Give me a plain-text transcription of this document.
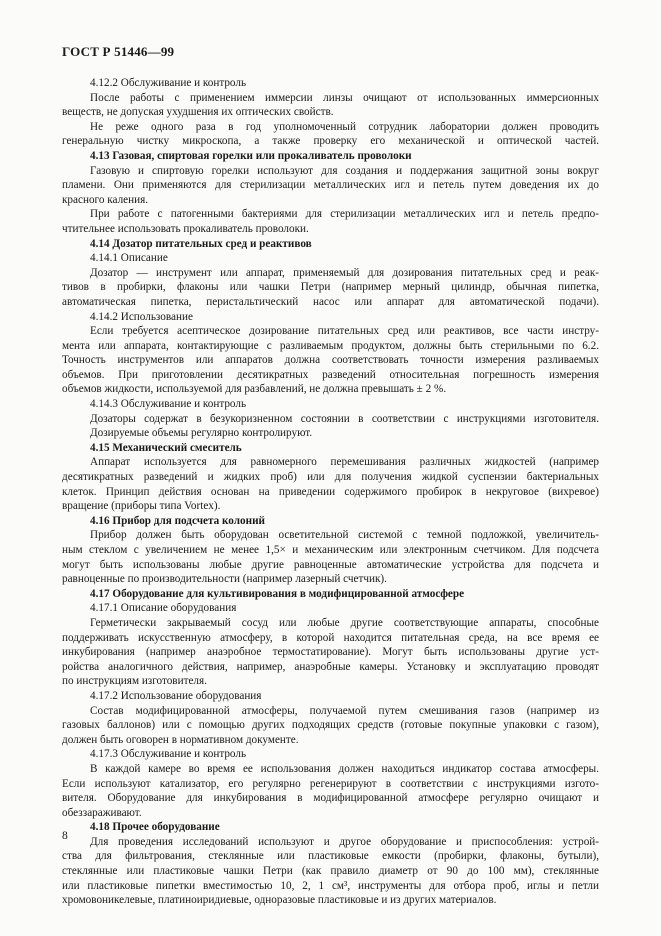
ГОСТ Р 51446—99
4.12.2 Обслуживание и контроль
После работы с применением иммерсии линзы очищают от использованных иммерсионных
веществ, не допуская ухудшения их оптических свойств.
Не реже одного раза в год уполномоченный сотрудник лаборатории должен проводить
генеральную чистку микроскопа, а также проверку его механической и оптической частей.
4.13 Газовая, спиртовая горелки или прокаливатель проволоки
Газовую и спиртовую горелки используют для создания и поддержания защитной зоны вокруг
пламени. Они применяются для стерилизации металлических игл и петель путем доведения их до
красного каления.
При работе с патогенными бактериями для стерилизации металлических игл и петель предпо-
чтительнее использовать прокаливатель проволоки.
4.14 Дозатор питательных сред и реактивов
4.14.1 Описание
Дозатор — инструмент или аппарат, применяемый для дозирования питательных сред и реак-
тивов в пробирки, флаконы или чашки Петри (например мерный цилиндр, обычная пипетка,
автоматическая пипетка, перистальтический насос или аппарат для автоматической подачи).
4.14.2 Использование
Если требуется асептическое дозирование питательных сред или реактивов, все части инстру-
мента или аппарата, контактирующие с разливаемым продуктом, должны быть стерильными по 6.2.
Точность инструментов или аппаратов должна соответствовать точности измерения разливаемых
объемов. При приготовлении десятикратных разведений относительная погрешность измерения
объемов жидкости, используемой для разбавлений, не должна превышать ± 2 %.
4.14.3 Обслуживание и контроль
Дозаторы содержат в безукоризненном состоянии в соответствии с инструкциями изготовителя.
Дозируемые объемы регулярно контролируют.
4.15 Механический смеситель
Аппарат используется для равномерного перемешивания различных жидкостей (например
десятикратных разведений и жидких проб) или для получения жидкой суспензии бактериальных
клеток. Принцип действия основан на приведении содержимого пробирок в некруговое (вихревое)
вращение (приборы типа Vortex).
4.16 Прибор для подсчета колоний
Прибор должен быть оборудован осветительной системой с темной подложкой, увеличитель-
ным стеклом с увеличением не менее 1,5× и механическим или электронным счетчиком. Для подсчета
могут быть использованы любые другие равноценные автоматические устройства для подсчета и
равноценные по производительности (например лазерный счетчик).
4.17 Оборудование для культивирования в модифицированной атмосфере
4.17.1 Описание оборудования
Герметически закрываемый сосуд или любые другие соответствующие аппараты, способные
поддерживать искусственную атмосферу, в которой находится питательная среда, на все время ее
инкубирования (например анаэробное термостатирование). Могут быть использованы другие уст-
ройства аналогичного действия, например, анаэробные камеры. Установку и эксплуатацию проводят
по инструкциям изготовителя.
4.17.2 Использование оборудования
Состав модифицированной атмосферы, получаемой путем смешивания газов (например из
газовых баллонов) или с помощью других подходящих средств (готовые покупные упаковки с газом),
должен быть оговорен в нормативном документе.
4.17.3 Обслуживание и контроль
В каждой камере во время ее использования должен находиться индикатор состава атмосферы.
Если используют катализатор, его регулярно регенерируют в соответствии с инструкциями изгото-
вителя. Оборудование для инкубирования в модифицированной атмосфере регулярно очищают и
обеззараживают.
4.18 Прочее оборудование
Для проведения исследований используют и другое оборудование и приспособления: устрой-
ства для фильтрования, стеклянные или пластиковые емкости (пробирки, флаконы, бутыли),
стеклянные или пластиковые чашки Петри (как правило диаметр от 90 до 100 мм), стеклянные
или пластиковые пипетки вместимостью 10, 2, 1 см³, инструменты для отбора проб, иглы и петли
хромовоникелевые, платиноиридиевые, одноразовые пластиковые и из других материалов.
8
